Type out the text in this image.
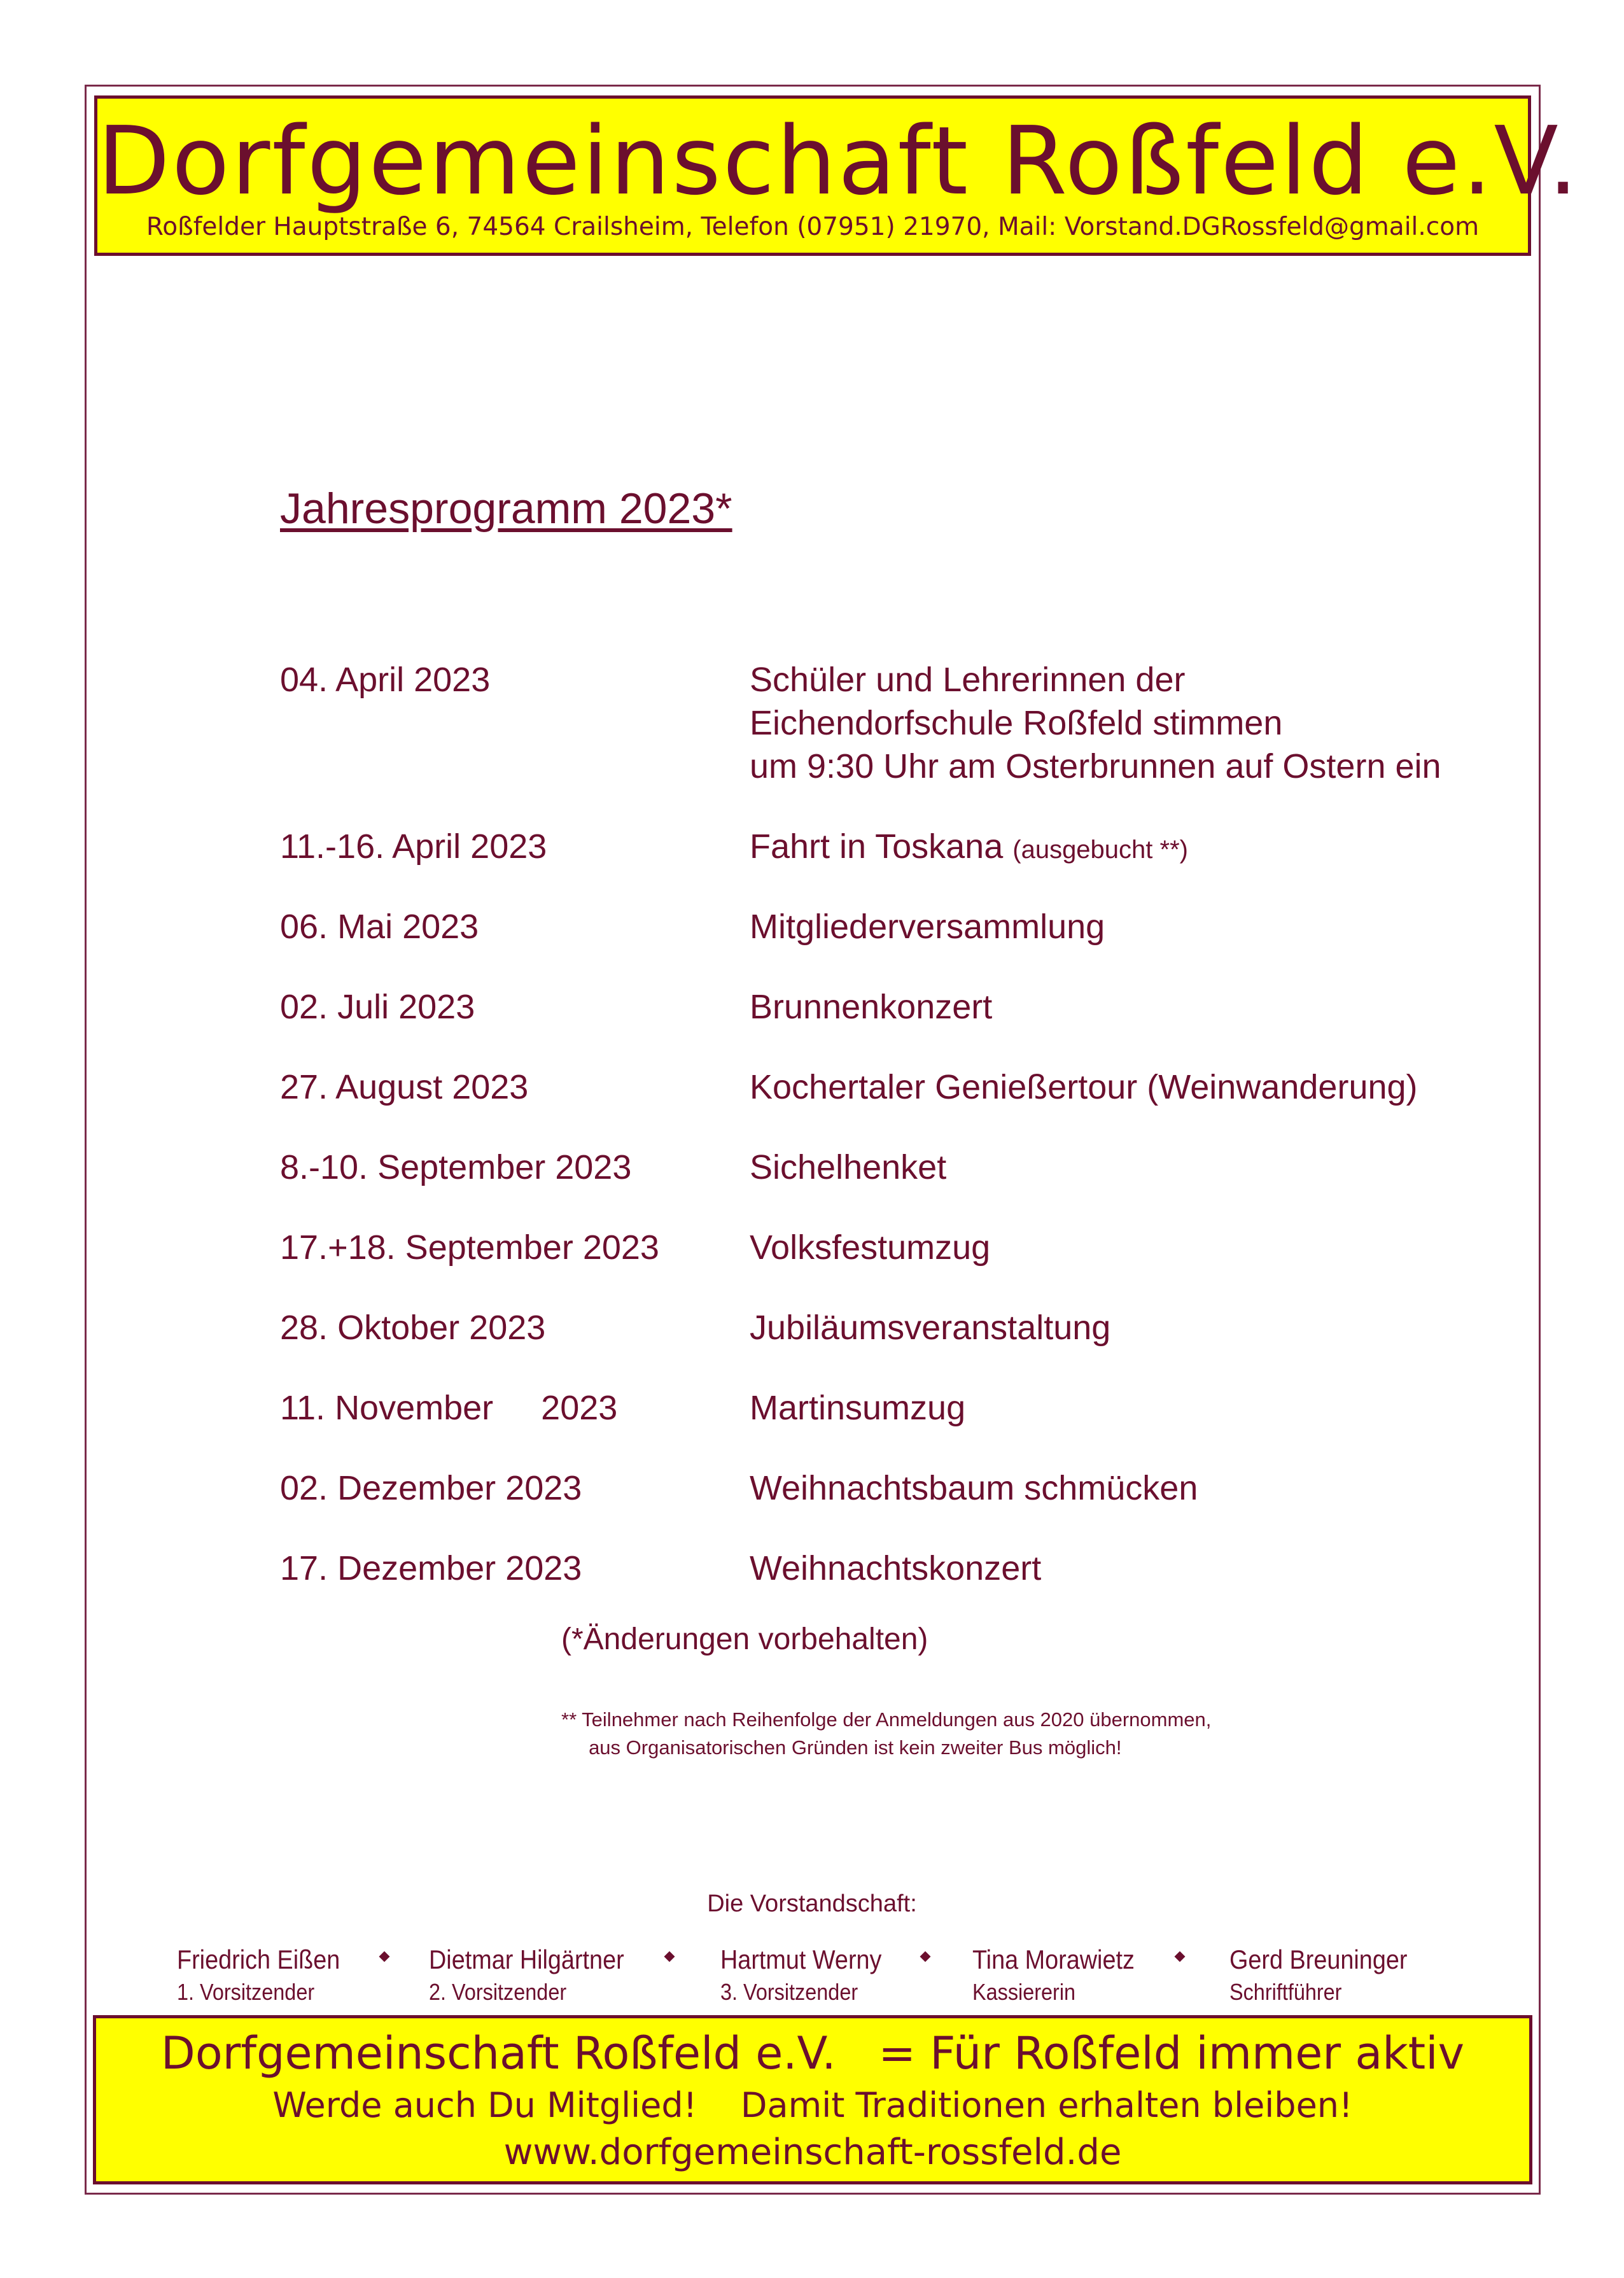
Dorfgemeinschaft Roßfeld e.V.
Roßfelder Hauptstraße 6, 74564 Crailsheim, Telefon (07951) 21970, Mail: Vorstand.DGRossfeld@gmail.com
Jahresprogramm 2023*
04. April 2023	Schüler und Lehrerinnen der
Eichendorfschule Roßfeld stimmen
um 9:30 Uhr am Osterbrunnen auf Ostern ein
11.-16. April 2023	Fahrt in Toskana (ausgebucht **)
06. Mai 2023	Mitgliederversammlung
02. Juli 2023	Brunnenkonzert
27. August 2023	Kochertaler Genießertour (Weinwanderung)
8.-10. September 2023	Sichelhenket
17.+18. September 2023	Volksfestumzug
28. Oktober 2023	Jubiläumsveranstaltung
11. November     2023	Martinsumzug
02. Dezember 2023	Weihnachtsbaum schmücken
17. Dezember 2023	Weihnachtskonzert
(*Änderungen vorbehalten)
** Teilnehmer nach Reihenfolge der Anmeldungen aus 2020 übernommen,
aus Organisatorischen Gründen ist kein zweiter Bus möglich!
Die Vorstandschaft:
Friedrich Eißen
1. Vorsitzender
Dietmar Hilgärtner
2. Vorsitzender
Hartmut Werny
3. Vorsitzender
Tina Morawietz
Kassiererin
Gerd Breuninger
Schriftführer
Dorfgemeinschaft Roßfeld e.V.   = Für Roßfeld immer aktiv
Werde auch Du Mitglied!    Damit Traditionen erhalten bleiben!
www.dorfgemeinschaft-rossfeld.de
